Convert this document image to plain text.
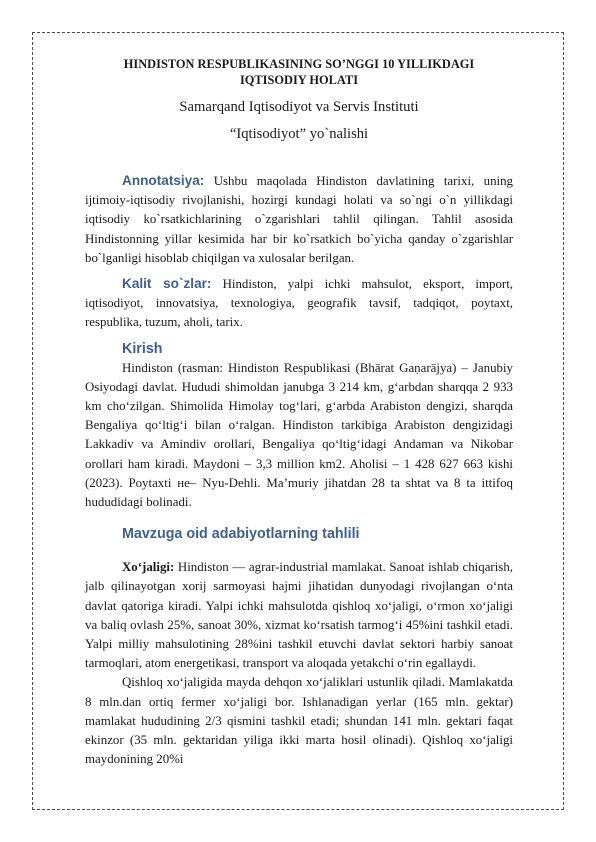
HINDISTON RESPUBLIKASINING SO’NGGI 10 YILLIKDAGI
IQTISODIY HOLATI

Samarqand Iqtisodiyot va Servis Instituti

“Iqtisodiyot” yo`nalishi

Annotatsiya: Ushbu maqolada Hindiston davlatining tarixi, uning ijtimoiy-iqtisodiy rivojlanishi, hozirgi kundagi holati va so`ngi o`n yillikdagi iqtisodiy ko`rsatkichlarining o`zgarishlari tahlil qilingan. Tahlil asosida Hindistonning yillar kesimida har bir ko`rsatkich bo`yicha qanday o`zgarishlar bo`lganligi hisoblab chiqilgan va xulosalar berilgan.

Kalit so`zlar: Hindiston, yalpi ichki mahsulot, eksport, import, iqtisodiyot, innovatsiya, texnologiya, geografik tavsif, tadqiqot, poytaxt, respublika, tuzum, aholi, tarix.

Kirish

Hindiston (rasman: Hindiston Respublikasi (Bhārat Gaṇarājya) – Janubiy Osiyodagi davlat. Hududi shimoldan janubga 3 214 km, gʻarbdan sharqqa 2 933 km choʻzilgan. Shimolida Himolay togʻlari, gʻarbda Arabiston dengizi, sharqda Bengaliya qoʻltigʻi bilan oʻralgan. Hindiston tarkibiga Arabiston dengizidagi Lakkadiv va Amindiv orollari, Bengaliya qoʻltigʻidagi Andaman va Nikobar orollari ham kiradi. Maydoni – 3,3 million km2. Aholisi – 1 428 627 663 kishi (2023). Poytaxti не– Nyu-Dehli. Maʼmuriy jihatdan 28 ta shtat va 8 ta ittifoq hududidagi bolinadi.

Mavzuga oid adabiyotlarning tahlili

Xoʻjaligi: Hindiston — agrar-industrial mamlakat. Sanoat ishlab chiqarish, jalb qilinayotgan xorij sarmoyasi hajmi jihatidan dunyodagi rivojlangan oʻnta davlat qatoriga kiradi. Yalpi ichki mahsulotda qishloq xoʻjaligi, oʻrmon xoʻjaligi va baliq ovlash 25%, sanoat 30%, xizmat koʻrsatish tarmogʻi 45%ini tashkil etadi. Yalpi milliy mahsulotining 28%ini tashkil etuvchi davlat sektori harbiy sanoat tarmoqlari, atom energetikasi, transport va aloqada yetakchi oʻrin egallaydi.

Qishloq xoʻjaligida mayda dehqon xoʻjaliklari ustunlik qiladi. Mamlakatda 8 mln.dan ortiq fermer xoʻjaligi bor. Ishlanadigan yerlar (165 mln. gektar) mamlakat hududining 2/3 qismini tashkil etadi; shundan 141 mln. gektari faqat ekinzor (35 mln. gektaridan yiliga ikki marta hosil olinadi). Qishloq xoʻjaligi maydonining 20%i
